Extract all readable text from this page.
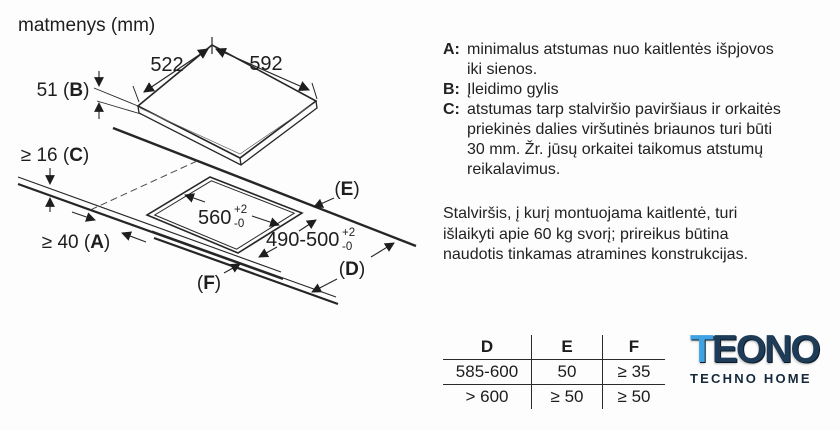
matmenys (mm)
522	592
51 (B)
≥ 16 (C)
≥ 40 (A)
560 +2
-0
490-500 +2
-0
(E)
(D)
(F)
A: minimalus atstumas nuo kaitlentės išpjovos iki sienos.
B: Įleidimo gylis
C: atstumas tarp stalviršio paviršiaus ir orkaitės priekinės dalies viršutinės briaunos turi būti 30 mm. Žr. jūsų orkaitei taikomus atstumų reikalavimus.
Stalviršis, į kurį montuojama kaitlentė, turi išlaikyti apie 60 kg svorį; prireikus būtina naudotis tinkamas atramines konstrukcijas.
D	E	F
585-600	50	≥ 35
> 600	≥ 50	≥ 50
TEONO
TECHNO HOME
